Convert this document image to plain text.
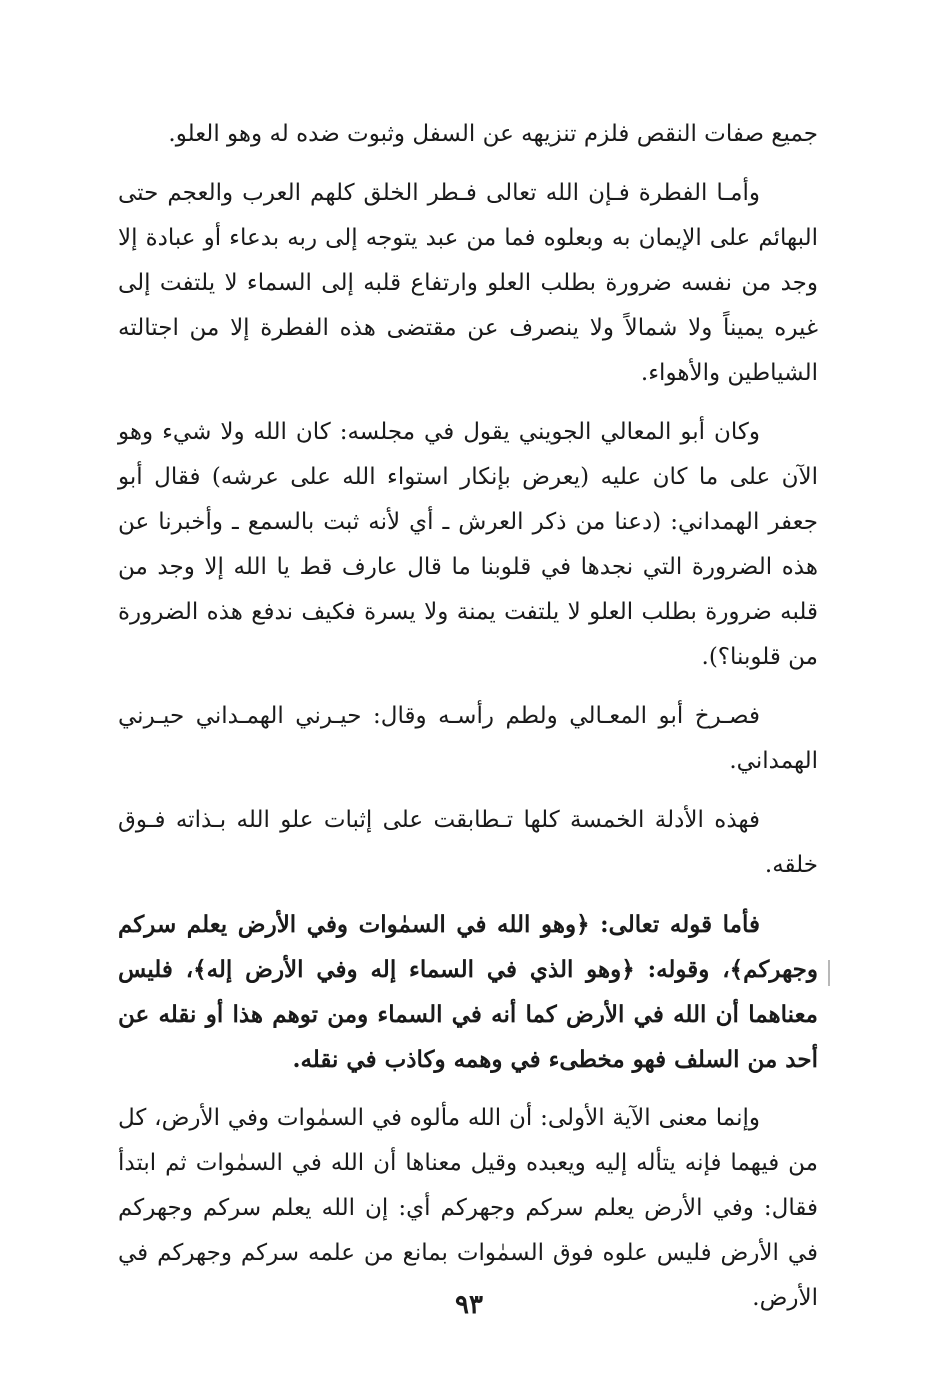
جميع صفات النقص فلزم تنزيهه عن السفل وثبوت ضده له وهو العلو.

وأمـا الفطرة فـإن الله تعالى فـطر الخلق كلهم العرب والعجم حتى البهائم على الإيمان به وبعلوه فما من عبد يتوجه إلى ربه بدعاء أو عبادة إلا وجد من نفسه ضرورة بطلب العلو وارتفاع قلبه إلى السماء لا يلتفت إلى غيره يميناً ولا شمالاً ولا ينصرف عن مقتضى هذه الفطرة إلا من اجتالته الشياطين والأهواء.

وكان أبو المعالي الجويني يقول في مجلسه: كان الله ولا شيء وهو الآن على ما كان عليه (يعرض بإنكار استواء الله على عرشه) فقال أبو جعفر الهمداني: (دعنا من ذكر العرش ـ أي لأنه ثبت بالسمع ـ وأخبرنا عن هذه الضرورة التي نجدها في قلوبنا ما قال عارف قط يا الله إلا وجد من قلبه ضرورة بطلب العلو لا يلتفت يمنة ولا يسرة فكيف ندفع هذه الضرورة من قلوبنا؟).

فصـرخ أبو المعـالي ولطم رأسـه وقال: حيـرني الهمـداني حيـرني الهمداني.

فهذه الأدلة الخمسة كلها تـطابقت على إثبات علو الله بـذاته فـوق خلقه.

فأما قوله تعالى: ﴿وهو الله في السمٰوات وفي الأرض يعلم سركم وجهركم﴾، وقوله: ﴿وهو الذي في السماء إله وفي الأرض إله﴾، فليس معناهما أن الله في الأرض كما أنه في السماء ومن توهم هذا أو نقله عن أحد من السلف فهو مخطىء في وهمه وكاذب في نقله.

وإنما معنى الآية الأولى: أن الله مألوه في السمٰوات وفي الأرض، كل من فيهما فإنه يتأله إليه ويعبده وقيل معناها أن الله في السمٰوات ثم ابتدأ فقال: وفي الأرض يعلم سركم وجهركم أي: إن الله يعلم سركم وجهركم في الأرض فليس علوه فوق السمٰوات بمانع من علمه سركم وجهركم في الأرض.

٩٣
